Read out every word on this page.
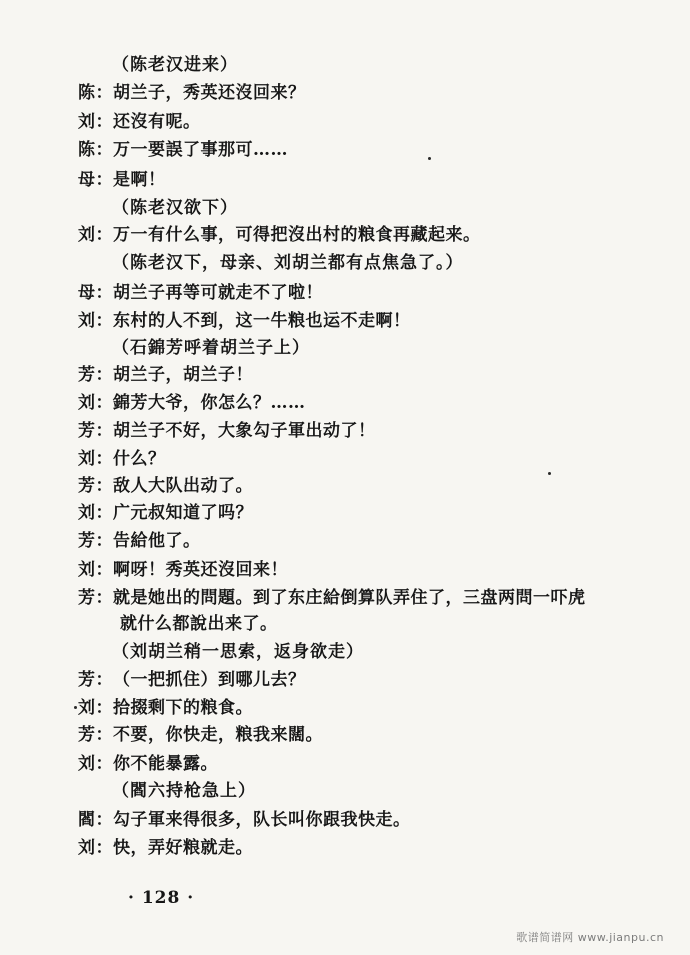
（陈老汉进来）
陈：胡兰子，秀英还沒回来？
刘：还沒有呢。
陈：万一要誤了事那可……
母：是啊！
（陈老汉欲下）
刘：万一有什么事，可得把沒出村的粮食再藏起来。
（陈老汉下，母亲、刘胡兰都有点焦急了。）
母：胡兰子再等可就走不了啦！
刘：东村的人不到，这一牛粮也运不走啊！
（石錦芳呼着胡兰子上）
芳：胡兰子，胡兰子！
刘：錦芳大爷，你怎么？……
芳：胡兰子不好，大象勾子軍出动了！
刘：什么？
芳：敌人大队出动了。
刘：广元叔知道了吗？
芳：告給他了。
刘：啊呀！秀英还沒回来！
芳：就是她出的問題。到了东庄給倒算队弄住了，三盘两問一吓虎
就什么都說出来了。
（刘胡兰稍一思索，返身欲走）
芳：（一把抓住）到哪儿去？
刘：拾掇剩下的粮食。
芳：不要，你快走，粮我来闊。
刘：你不能暴露。
（閻六持枪急上）
閻：勾子軍来得很多，队长叫你跟我快走。
刘：快，弄好粮就走。
· 128 ·
歌谱简谱网 www.jianpu.cn
